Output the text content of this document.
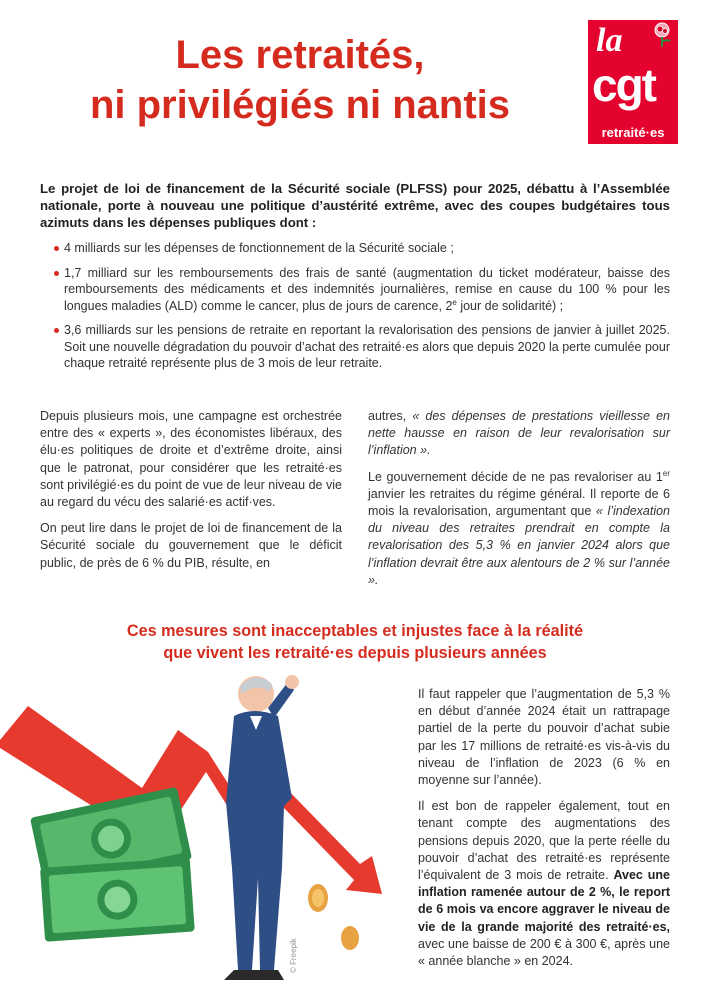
Les retraités,
ni privilégiés ni nantis
la
cgt
retraité·es
Le projet de loi de financement de la Sécurité sociale (PLFSS) pour 2025, débattu à l’Assemblée nationale, porte à nouveau une politique d’austérité extrême, avec des coupes budgétaires tous azimuts dans les dépenses publiques dont :
4 milliards sur les dépenses de fonctionnement de la Sécurité sociale ;
1,7 milliard sur les remboursements des frais de santé (augmentation du ticket modérateur, baisse des remboursements des médicaments et des indemnités journalières, remise en cause du 100 % pour les longues maladies (ALD) comme le cancer, plus de jours de carence, 2e jour de solidarité) ;
3,6 milliards sur les pensions de retraite en reportant la revalorisation des pensions de janvier à juillet 2025. Soit une nouvelle dégradation du pouvoir d’achat des retraité·es alors que depuis 2020 la perte cumulée pour chaque retraité représente plus de 3 mois de leur retraite.

Depuis plusieurs mois, une campagne est orchestrée entre des « experts », des économistes libéraux, des élu·es politiques de droite et d’extrême droite, ainsi que le patronat, pour considérer que les retraité·es sont privilégié·es du point de vue de leur niveau de vie au regard du vécu des salarié·es actif·ves.

On peut lire dans le projet de loi de financement de la Sécurité sociale du gouvernement que le déficit public, de près de 6 % du PIB, résulte, en

autres, « des dépenses de prestations vieillesse en nette hausse en raison de leur revalorisation sur l’inflation ».

Le gouvernement décide de ne pas revaloriser au 1er janvier les retraites du régime général. Il reporte de 6 mois la revalorisation, argumentant que « l’indexation du niveau des retraites prendrait en compte la revalorisation des 5,3 % en janvier 2024 alors que l’inflation devrait être aux alentours de 2 % sur l’année ».

Ces mesures sont inacceptables et injustes face à la réalité
que vivent les retraité·es depuis plusieurs années
© Freepik

Il faut rappeler que l’augmentation de 5,3 % en début d’année 2024 était un rattrapage partiel de la perte du pouvoir d’achat subie par les 17 millions de retraité·es vis-à-vis du niveau de l’inflation de 2023 (6 % en moyenne sur l’année).

Il est bon de rappeler également, tout en tenant compte des augmentations des pensions depuis 2020, que la perte réelle du pouvoir d’achat des retraité·es représente l’équivalent de 3 mois de retraite. Avec une inflation ramenée autour de 2 %, le report de 6 mois va encore aggraver le niveau de vie de la grande majorité des retraité·es, avec une baisse de 200 € à 300 €, après une « année blanche » en 2024.
